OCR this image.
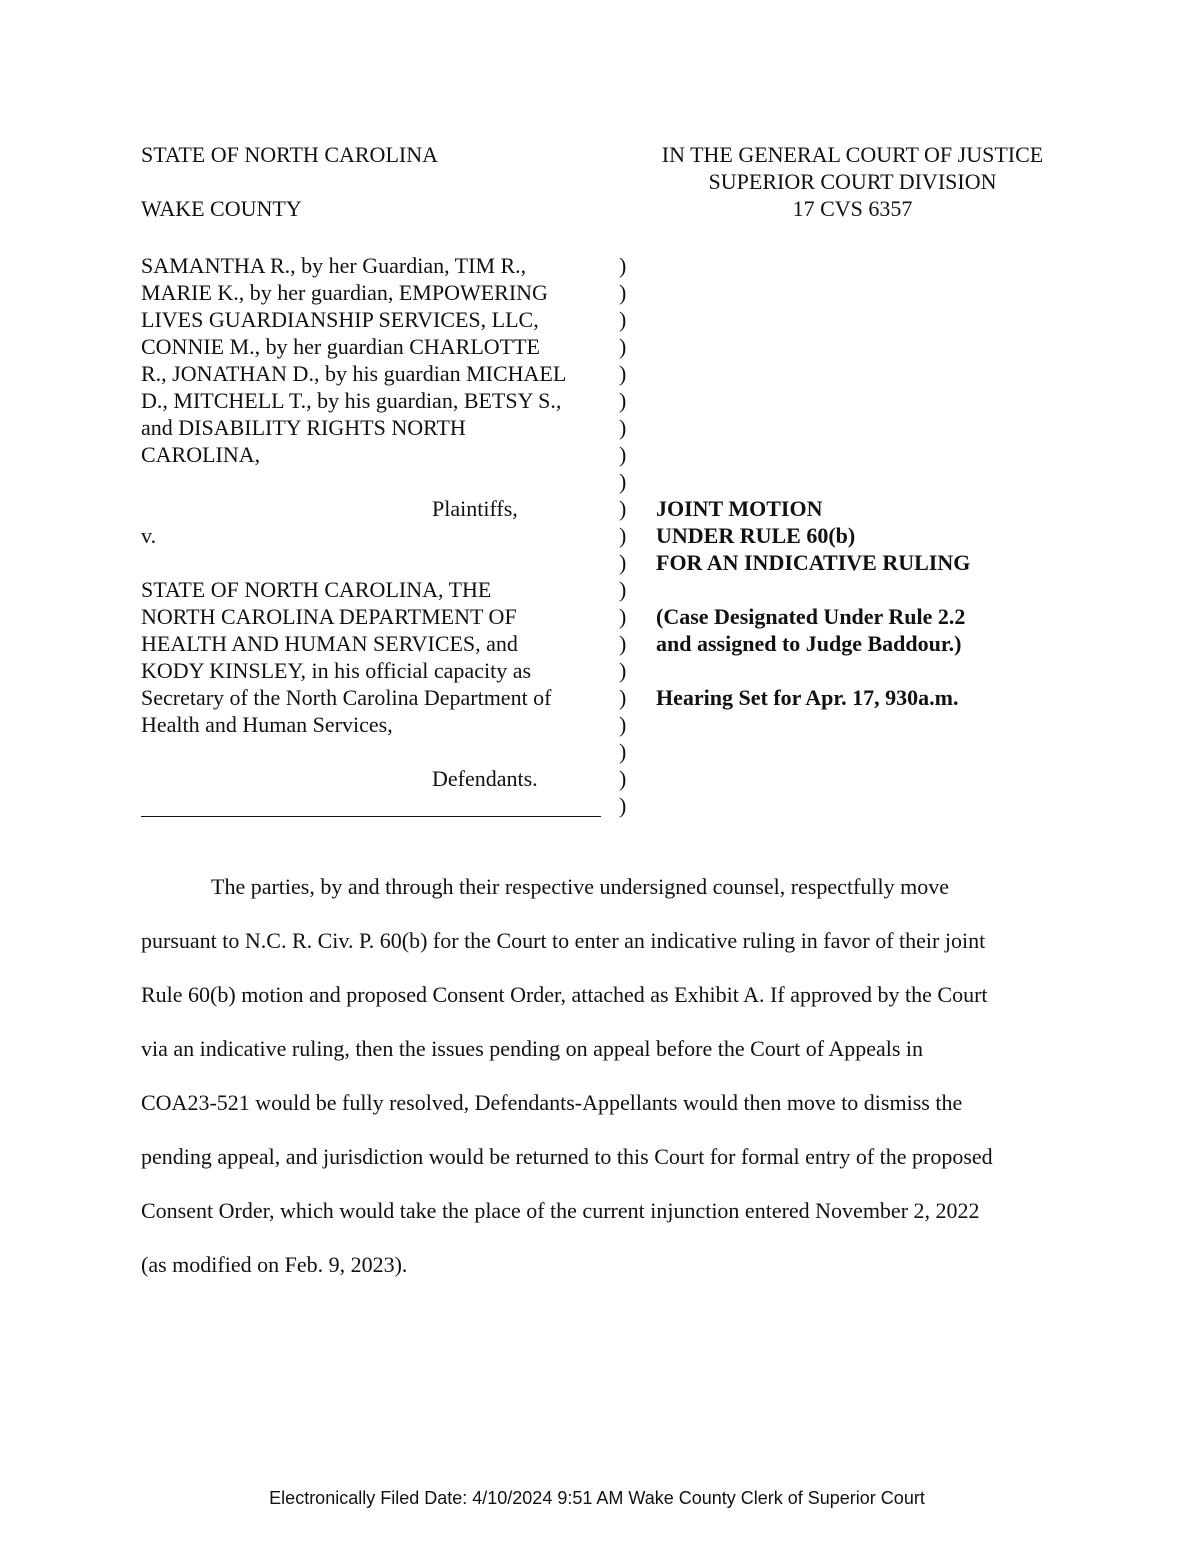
STATE OF NORTH CAROLINA
WAKE COUNTY
IN THE GENERAL COURT OF JUSTICE
SUPERIOR COURT DIVISION
17 CVS 6357
SAMANTHA R., by her Guardian, TIM R.,
MARIE K., by her guardian, EMPOWERING
LIVES GUARDIANSHIP SERVICES, LLC,
CONNIE M., by her guardian CHARLOTTE
R., JONATHAN D., by his guardian MICHAEL
D., MITCHELL T., by his guardian, BETSY S.,
and DISABILITY RIGHTS NORTH
CAROLINA,
Plaintiffs,
v.
STATE OF NORTH CAROLINA, THE
NORTH CAROLINA DEPARTMENT OF
HEALTH AND HUMAN SERVICES, and
KODY KINSLEY, in his official capacity as
Secretary of the North Carolina Department of
Health and Human Services,
Defendants.
)
)
)
)
)
)
)
)
)
)
)
)
)
)
)
)
)
)
)
)
)
JOINT MOTION
UNDER RULE 60(b)
FOR AN INDICATIVE RULING
(Case Designated Under Rule 2.2
and assigned to Judge Baddour.)
Hearing Set for Apr. 17, 930a.m.
The parties, by and through their respective undersigned counsel, respectfully move
pursuant to N.C. R. Civ. P. 60(b) for the Court to enter an indicative ruling in favor of their joint
Rule 60(b) motion and proposed Consent Order, attached as Exhibit A. If approved by the Court
via an indicative ruling, then the issues pending on appeal before the Court of Appeals in
COA23-521 would be fully resolved, Defendants-Appellants would then move to dismiss the
pending appeal, and jurisdiction would be returned to this Court for formal entry of the proposed
Consent Order, which would take the place of the current injunction entered November 2, 2022
(as modified on Feb. 9, 2023).
Electronically Filed Date: 4/10/2024 9:51 AM Wake County Clerk of Superior Court
